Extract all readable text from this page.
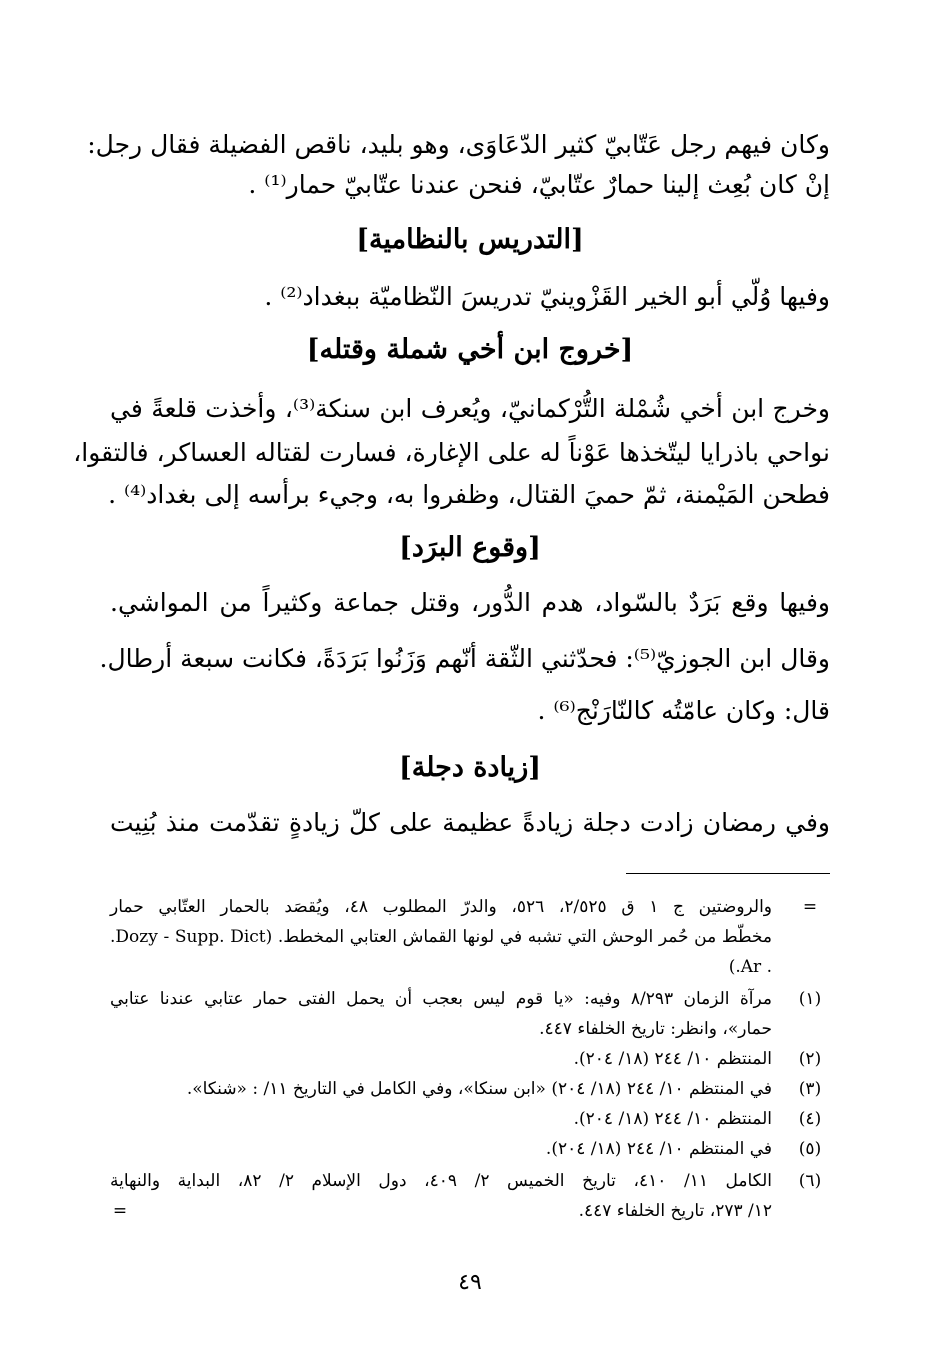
وكان فيهم رجل عَتّابيّ كثير الدّعَاوَى، وهو بليد، ناقص الفضيلة فقال رجل:
إنْ كان بُعِث إلينا حمارٌ عتّابيّ، فنحن عندنا عتّابيّ حمار⁽¹⁾ .
[التدريس بالنظامية]
وفيها وُلّي أبو الخير القَزْوينيّ تدريسَ النّظاميّة ببغداد⁽²⁾ .
[خروج ابن أخي شملة وقتله]
وخرج ابن أخي شُمْلة التُّرْكمانيّ، ويُعرف ابن سنكة⁽³⁾، وأخذت قلعةً في
نواحي باذرايا ليتّخذها عَوْناً له على الإغارة، فسارت لقتاله العساكر، فالتقوا،
فطحن المَيْمنة، ثمّ حميَ القتال، وظفروا به، وجيء برأسه إلى بغداد⁽⁴⁾ .
[وقوع البرَد]
وفيها وقع بَرَدٌ بالسّواد، هدم الدُّور، وقتل جماعة وكثيراً من المواشي.
وقال ابن الجوزيّ⁽⁵⁾: فحدّثني الثّقة أنّهم وَزَنُوا بَرَدَةً، فكانت سبعة أرطال.
قال: وكان عامّتُه كالنّارَنْج⁽⁶⁾ .
[زيادة دجلة]
وفي رمضان زادت دجلة زيادةً عظيمة على كلّ زيادةٍ تقدّمت منذ بُنِيت
=
والروضتين ج ١ ق ٢/٥٢٥، ٥٢٦، والدرّ المطلوب ٤٨، ويُقصَد بالحمار العتّابي حمار
مخطّط من حُمر الوحش التي تشبه في لونها القماش العتابي المخطط. (Dozy - Supp. Dict.
. Ar.)
(١)
مرآة الزمان ٨/٢٩٣ وفيه: «يا قوم ليس بعجب أن يحمل الفتى حمار عتابي عندنا عتابي
حمار»، وانظر: تاريخ الخلفاء ٤٤٧.
(٢)
المنتظم ١٠/ ٢٤٤ (١٨/ ٢٠٤).
(٣)
في المنتظم ١٠/ ٢٤٤ (١٨/ ٢٠٤) «ابن سنكا»، وفي الكامل في التاريخ ١١/ : «شنكا».
(٤)
المنتظم ١٠/ ٢٤٤ (١٨/ ٢٠٤).
(٥)
في المنتظم ١٠/ ٢٤٤ (١٨/ ٢٠٤).
(٦)
الكامل ١١/ ٤١٠، تاريخ الخميس ٢/ ٤٠٩، دول الإسلام ٢/ ٨٢، البداية والنهاية
١٢/ ٢٧٣، تاريخ الخلفاء ٤٤٧.
=
٤٩
